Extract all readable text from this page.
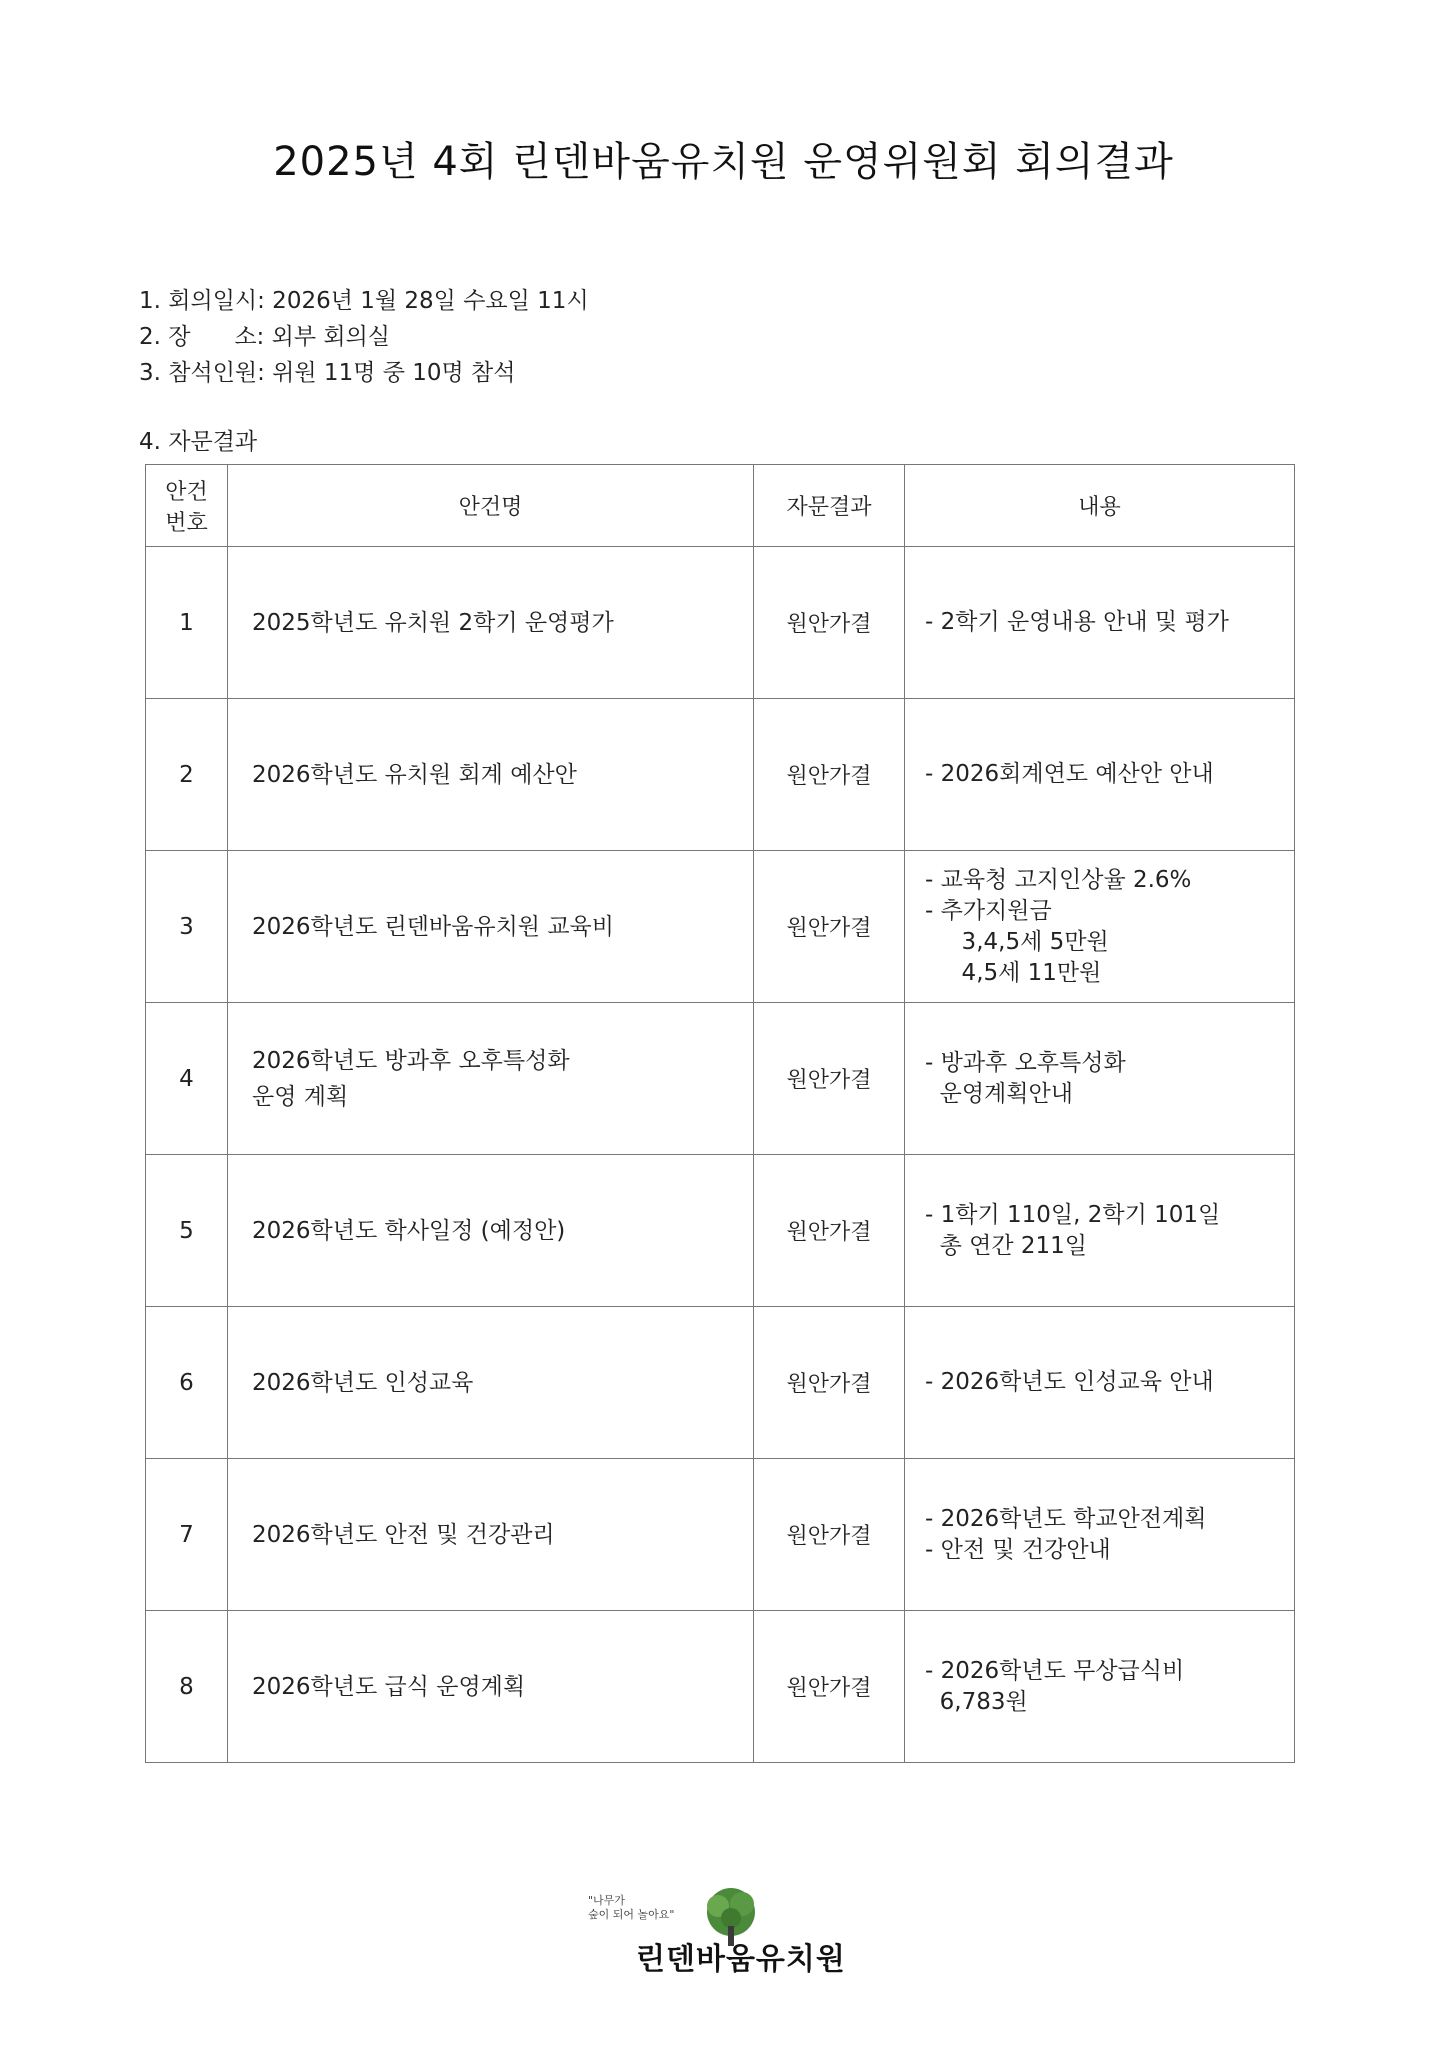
2025년 4회 린덴바움유치원 운영위원회 회의결과
1. 회의일시: 2026년 1월 28일 수요일 11시
2. 장      소: 외부 회의실
3. 참석인원: 위원 11명 중 10명 참석
4. 자문결과
안건
번호	안건명	자문결과	내용
1	2025학년도 유치원 2학기 운영평가	원안가결	- 2학기 운영내용 안내 및 평가

2	2026학년도 유치원 회계 예산안	원안가결	- 2026회계연도 예산안 안내

3	2026학년도 린덴바움유치원 교육비	원안가결	- 교육청 고지인상율 2.6%
- 추가지원금
3,4,5세 5만원
4,5세 11만원

4	2026학년도 방과후 오후특성화
운영 계획	원안가결	- 방과후 오후특성화
운영계획안내

5	2026학년도 학사일정 (예정안)	원안가결	- 1학기 110일, 2학기 101일
총 연간 211일

6	2026학년도 인성교육	원안가결	- 2026학년도 인성교육 안내

7	2026학년도 안전 및 건강관리	원안가결	- 2026학년도 학교안전계획
- 안전 및 건강안내

8	2026학년도 급식 운영계획	원안가결	- 2026학년도 무상급식비
6,783원
"나무가
숲이 되어 놀아요"
린덴바움유치원
